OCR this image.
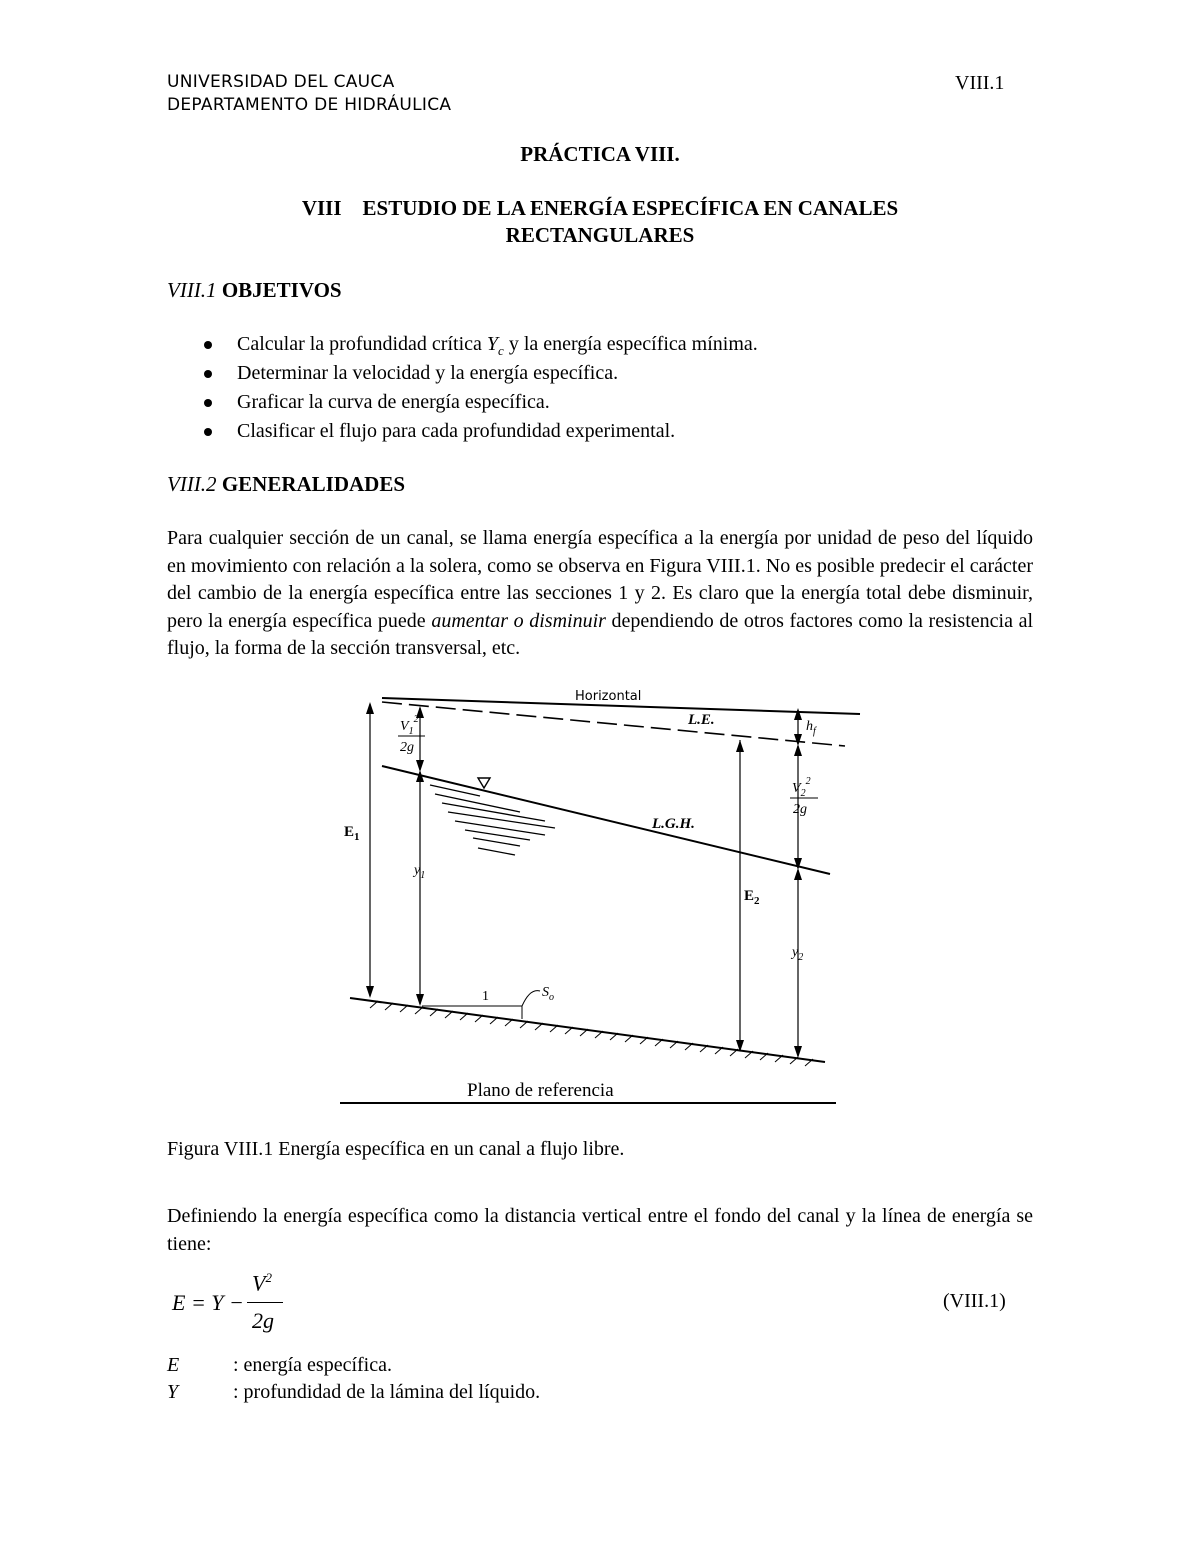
UNIVERSIDAD DEL CAUCA
DEPARTAMENTO DE HIDRÁULICA
VIII.1
PRÁCTICA VIII.
VIII ESTUDIO DE LA ENERGÍA ESPECÍFICA EN CANALES
RECTANGULARES
VIII.1 OBJETIVOS
Calcular la profundidad crítica $Y_c$ y la energía específica mínima.
Determinar la velocidad y la energía específica.
Graficar la curva de energía específica.
Clasificar el flujo para cada profundidad experimental.
VIII.2 GENERALIDADES
Para cualquier sección de un canal, se llama energía específica a la energía por unidad de peso del líquido en movimiento con relación a la solera, como se observa en Figura VIII.1. No es posible predecir el carácter del cambio de la energía específica entre las secciones 1 y 2. Es claro que la energía total debe disminuir, pero la energía específica puede aumentar o disminuir dependiendo de otros factores como la resistencia al flujo, la forma de la sección transversal, etc.
Horizontal
L.E.
L.G.H.
1	$S_o$
$E_1$
$V_1^2$
2g
$y_1$
$E_2$
$h_f$
$V_2^2$
2g
$y_2$
Plano de referencia
Figura VIII.1 Energía específica en un canal a flujo libre.
Definiendo la energía específica como la distancia vertical entre el fondo del canal y la línea de energía se tiene:
E = Y −
$V^2$
2g
(VIII.1)
E	: energía específica.
Y	: profundidad de la lámina del líquido.
